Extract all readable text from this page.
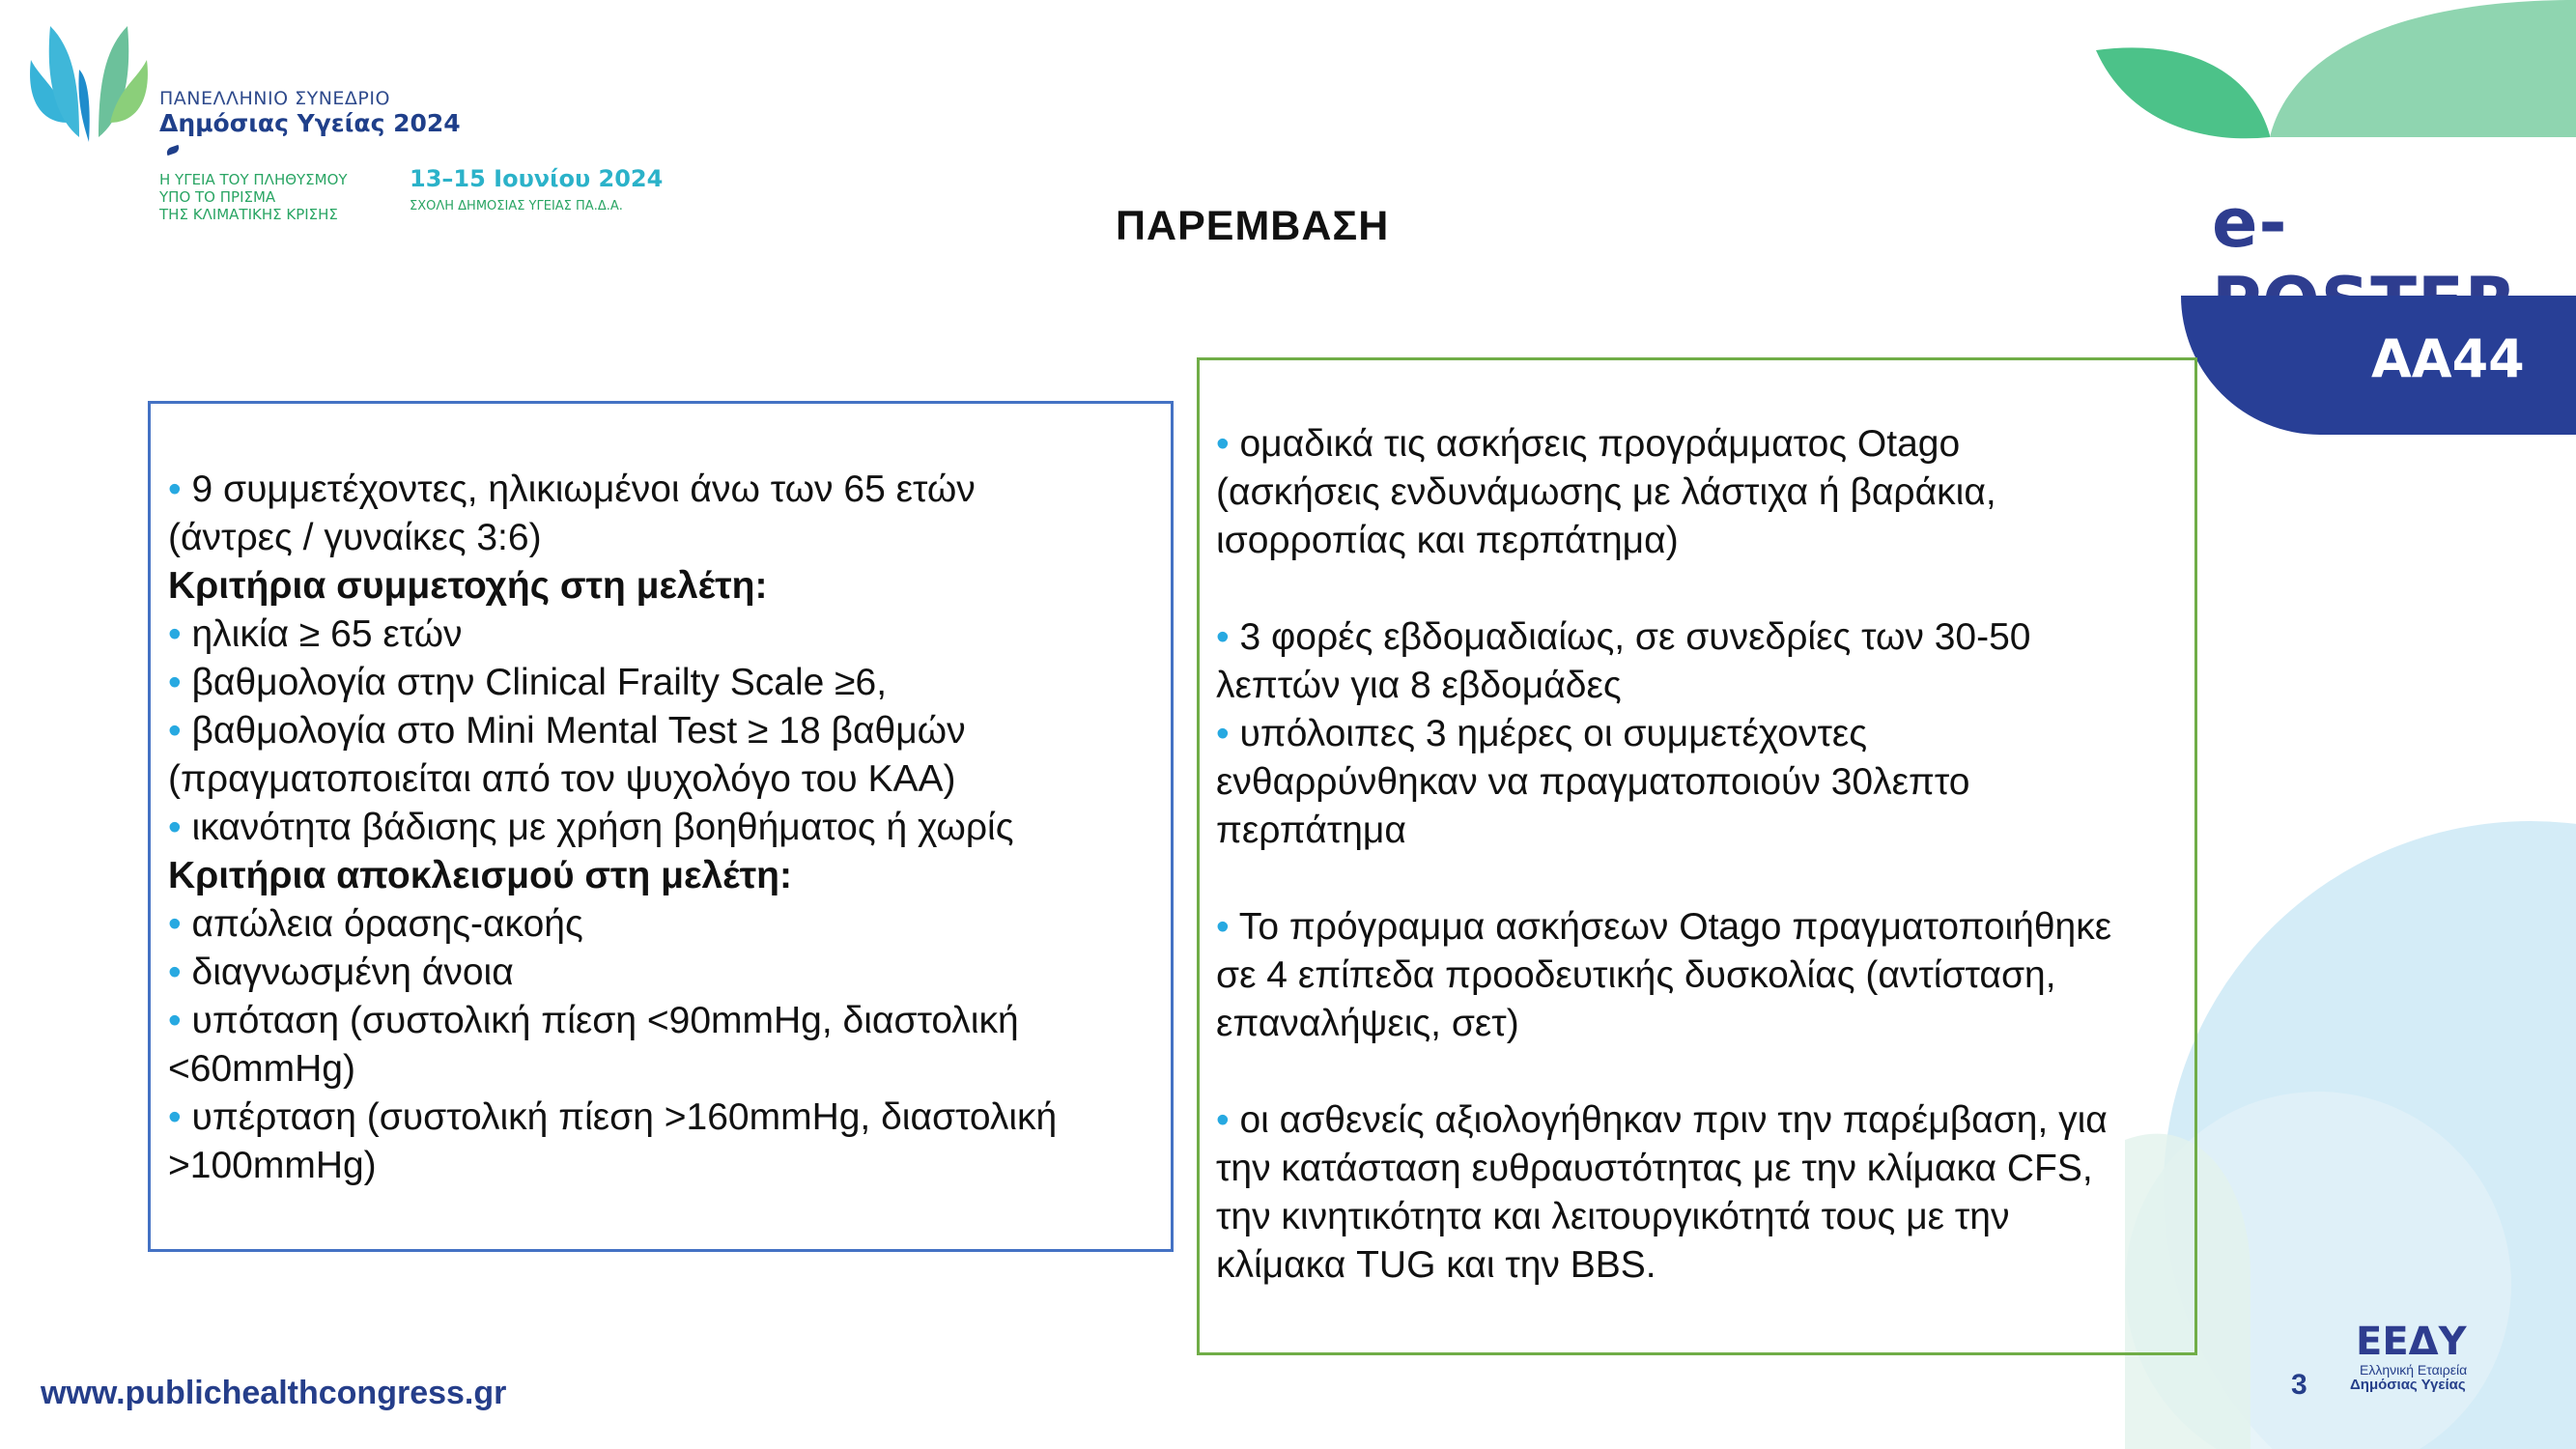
ΠΑΝΕΛΛΗΝΙΟ ΣΥΝΕΔΡΙΟ
Δημόσιας Υγείας 2024
Η ΥΓΕΙΑ ΤΟΥ ΠΛΗΘΥΣΜΟΥ
ΥΠΟ ΤΟ ΠΡΙΣΜΑ
ΤΗΣ ΚΛΙΜΑΤΙΚΗΣ ΚΡΙΣΗΣ
13–15 Ιουνίου 2024
ΣΧΟΛΗ ΔΗΜΟΣΙΑΣ ΥΓΕΙΑΣ ΠΑ.Δ.Α.	ΠΑΡΕΜΒΑΣΗ	e-
AA44
www.publichealthcongress.gr	3
EEΔY
Ελληνική Εταιρεία
Δημόσιας Υγείας
• 9 συμμετέχοντες, ηλικιωμένοι άνω των 65 ετών
(άντρες / γυναίκες 3:6)
Κριτήρια συμμετοχής στη μελέτη:
• ηλικία ≥ 65 ετών
• βαθμολογία στην Clinical Frailty Scale ≥6,
• βαθμολογία στο Mini Mental Test ≥ 18 βαθμών
(πραγματοποιείται από τον ψυχολόγο του ΚΑΑ)
• ικανότητα βάδισης με χρήση βοηθήματος ή χωρίς
Κριτήρια αποκλεισμού στη μελέτη:
• απώλεια όρασης-ακοής
• διαγνωσμένη άνοια
• υπόταση (συστολική πίεση <90mmHg, διαστολική
<60mmHg)
• υπέρταση (συστολική πίεση >160mmHg, διαστολική
>100mmHg)
• ομαδικά τις ασκήσεις προγράμματος Otago
(ασκήσεις ενδυνάμωσης με λάστιχα ή βαράκια,
ισορροπίας και περπάτημα)
• 3 φορές εβδομαδιαίως, σε συνεδρίες των 30-50
λεπτών για 8 εβδομάδες
• υπόλοιπες 3 ημέρες οι συμμετέχοντες
ενθαρρύνθηκαν να πραγματοποιούν 30λεπτο
περπάτημα
• Το πρόγραμμα ασκήσεων Otago πραγματοποιήθηκε
σε 4 επίπεδα προοδευτικής δυσκολίας (αντίσταση,
επαναλήψεις, σετ)
• οι ασθενείς αξιολογήθηκαν πριν την παρέμβαση, για
την κατάσταση ευθραυστότητας με την κλίμακα CFS,
την κινητικότητα και λειτουργικότητά τους με την
κλίμακα TUG και την BBS.
